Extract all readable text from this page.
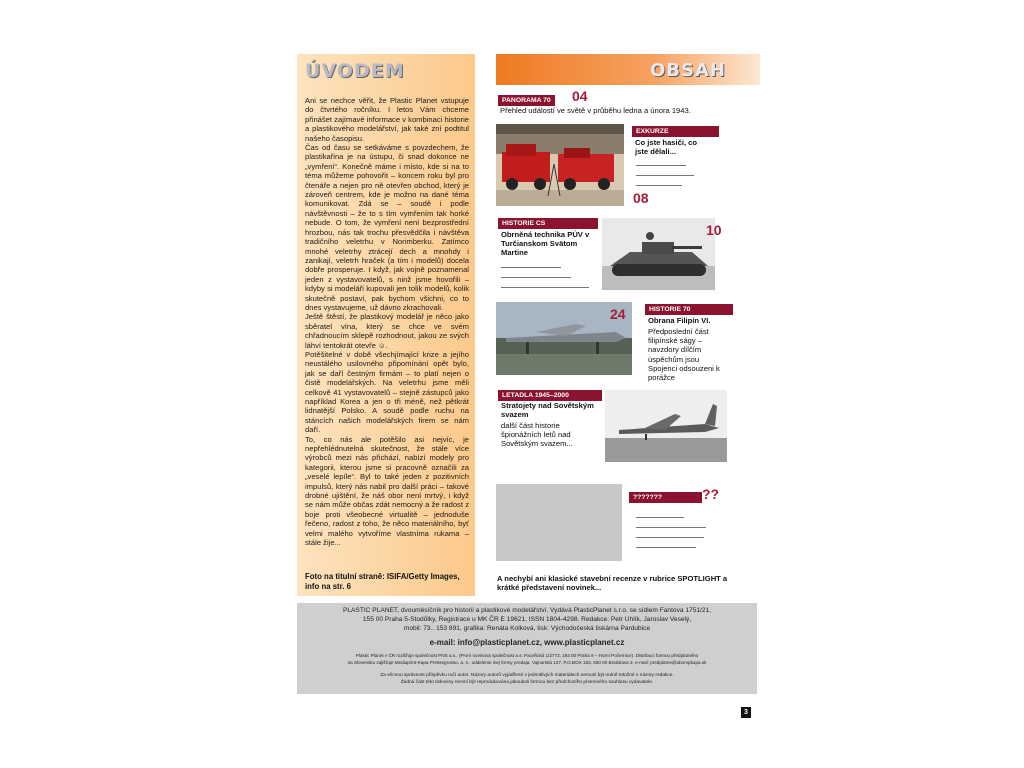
ÚVODEM

Ani se nechce věřit, že Plastic Planet vstupuje do čtvrtého ročníku. I letos Vám chceme přinášet zajímavé informace v kombinaci historie a plastikového modelářství, jak také zní podtitul našeho časopisu.

Čas od času se setkáváme s povzdechem, že plastikařina je na ústupu, či snad dokonce ne „vymření“. Konečně máme i místo, kde si na to téma můžeme pohovořit – koncem roku byl pro čtenáře a nejen pro ně otevřen obchod, který je zároveň centrem, kde je možno na dané téma komunikovat. Zdá se – soudě i podle návštěvnosti – že to s tím vymřením tak horké nebude. O tom, že vymření není bezprostřední hrozbou, nás tak trochu přesvědčila i návštěva tradičního veletrhu v Norimberku. Zatímco mnohé veletrhy ztrácejí dech a mnohdy i zanikají, veletrh hraček (a tím i modelů) docela dobře prosperuje. I když, jak vojně poznamenal jeden z vystavovatelů, s ninž jsme hovořili – kdyby si modeláři kupovali jen tolik modelů, kolik skutečně postaví, pak bychom všichni, co to dnes vystavujeme, už dávno zkrachovali.

Ještě štěstí, že plastikový modelář je něco jako sběratel vína, který se chce ve svém chřadnoucím sklepě rozhodnout, jakou ze svých láhví tentokrát otevře ☺.

Potěšitelné v době všechjímající krize a jejího neustálého usilovného připomínání opět bylo, jak se daří čestným firmám – to platí nejen o čistě modelářských. Na veletrhu jsme měli celkově 41 vystavovatelů – stejně zástupců jako například Korea a jen o tři méně, než pětkrát lidnatější Polsko. A soudě podle ruchu na stáncích našich modelářských firem se nám daří.

To, co nás ale potěšilo asi nejvíc, je nepřehlédnutelná skutečnost, že stále více výrobců mezi nás přichází, nabízí modely pro kategorii, kterou jsme si pracovně označili za „veselé lepíle“. Byl to také jeden z pozitivních impulsů, který nás nabil pro další práci – takové drobné ujištění, že náš obor není mrtvý, i když se nám může občas zdát nemocný a že radost z boje proti všeobecné virtualitě – jednoduše řečeno, radost z toho, že něco materiálního, byť velmi malého vytvoříme vlastníma rukama – stále žije...

Foto na titulní straně: ISIFA/Getty Images, info na str. 6
OBSAH
PANORAMA 70 04
Přehled událostí ve světě v průběhu ledna a února 1943.
EXKURZE
Co jste hasiči, co jste dělali...
08
HISTORIE CS
Obrněná technika PÚV v Turčianskom Svätom Martine
10
24	HISTORIE 70
Obrana Filipín VI.
Předposlední část filipínské ságy – navzdory dílčím úspěchům jsou Spojenci odsouzeni k porážce
LETADLA 1945–2000
Stratojety nad Sovětským svazem
další část historie špionážních letů nad Sovětským svazem...
???????	??
A nechybí ani klasické stavební recenze v rubrice SPOTLIGHT a krátké představení novinek...
PLASTIC PLANET, dvouměsíčník pro historii a plastikové modelářství. Vydává PlasticPlanet s.r.o. se sídlem Fantova 1751/21,
155 00 Praha 5-Stodůlky, Registrace u MK ČR E 19621, ISSN 1804-4298. Redakce: Petr Uhlík, Jaroslav Veselý,
mobil: 73.. 153 891, grafika: Renáta Kolková, tisk: Východočeská tiskárna Pardubice
e-mail: info@plasticplanet.cz, www.plasticplanet.cz
Plastic Planet v ČR rozšiřuje společnost PNS a.s., (První novinová společnost a.s. Paceřická 1/2773, 193 00 Praha 9 – Horní Počernice). Distribuci formou předplatného
na Slovensku zajišťuje Mediaprint-Kapa Pressegrosso, a. s., oddelenie inej formy predaja, Vajnorská 137, P.O.BOX 183, 830 00 Bratislava 3, e-mail: predplatne@abompkapa.sk
Za věcnou správnost příspěvku ručí autor. Názory autorů vyjádřené v jednotlivých materiálech nemusí být nutně totožné s názory redakce.
Žádná část této tiskoviny nesmí být reprodukována jakoukoli formou bez předchozího písemného souhlasu vydavatele.
3
